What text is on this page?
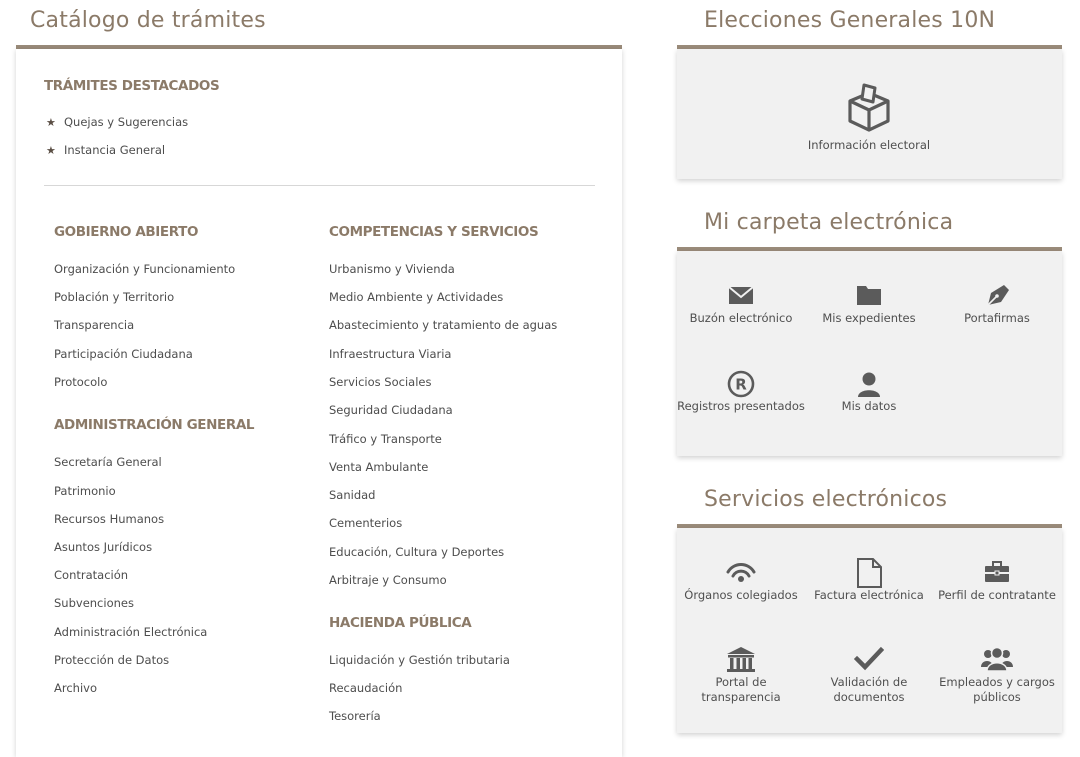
Catálogo de trámites
TRÁMITES DESTACADOS
★ Quejas y Sugerencias
★ Instancia General
GOBIERNO ABIERTO
Organización y Funcionamiento
Población y Territorio
Transparencia
Participación Ciudadana
Protocolo
ADMINISTRACIÓN GENERAL
Secretaría General
Patrimonio
Recursos Humanos
Asuntos Jurídicos
Contratación
Subvenciones
Administración Electrónica
Protección de Datos
Archivo
COMPETENCIAS Y SERVICIOS
Urbanismo y Vivienda
Medio Ambiente y Actividades
Abastecimiento y tratamiento de aguas
Infraestructura Viaria
Servicios Sociales
Seguridad Ciudadana
Tráfico y Transporte
Venta Ambulante
Sanidad
Cementerios
Educación, Cultura y Deportes
Arbitraje y Consumo
HACIENDA PÚBLICA
Liquidación y Gestión tributaria
Recaudación
Tesorería
Elecciones Generales 10N
Información electoral
Mi carpeta electrónica
Buzón electrónico	Mis expedientes	Portafirmas
R
Registros presentados	Mis datos
Servicios electrónicos
Órganos colegiados	Factura electrónica	Perfil de contratante
Portal de transparencia
Validación de documentos
Empleados y cargos públicos
